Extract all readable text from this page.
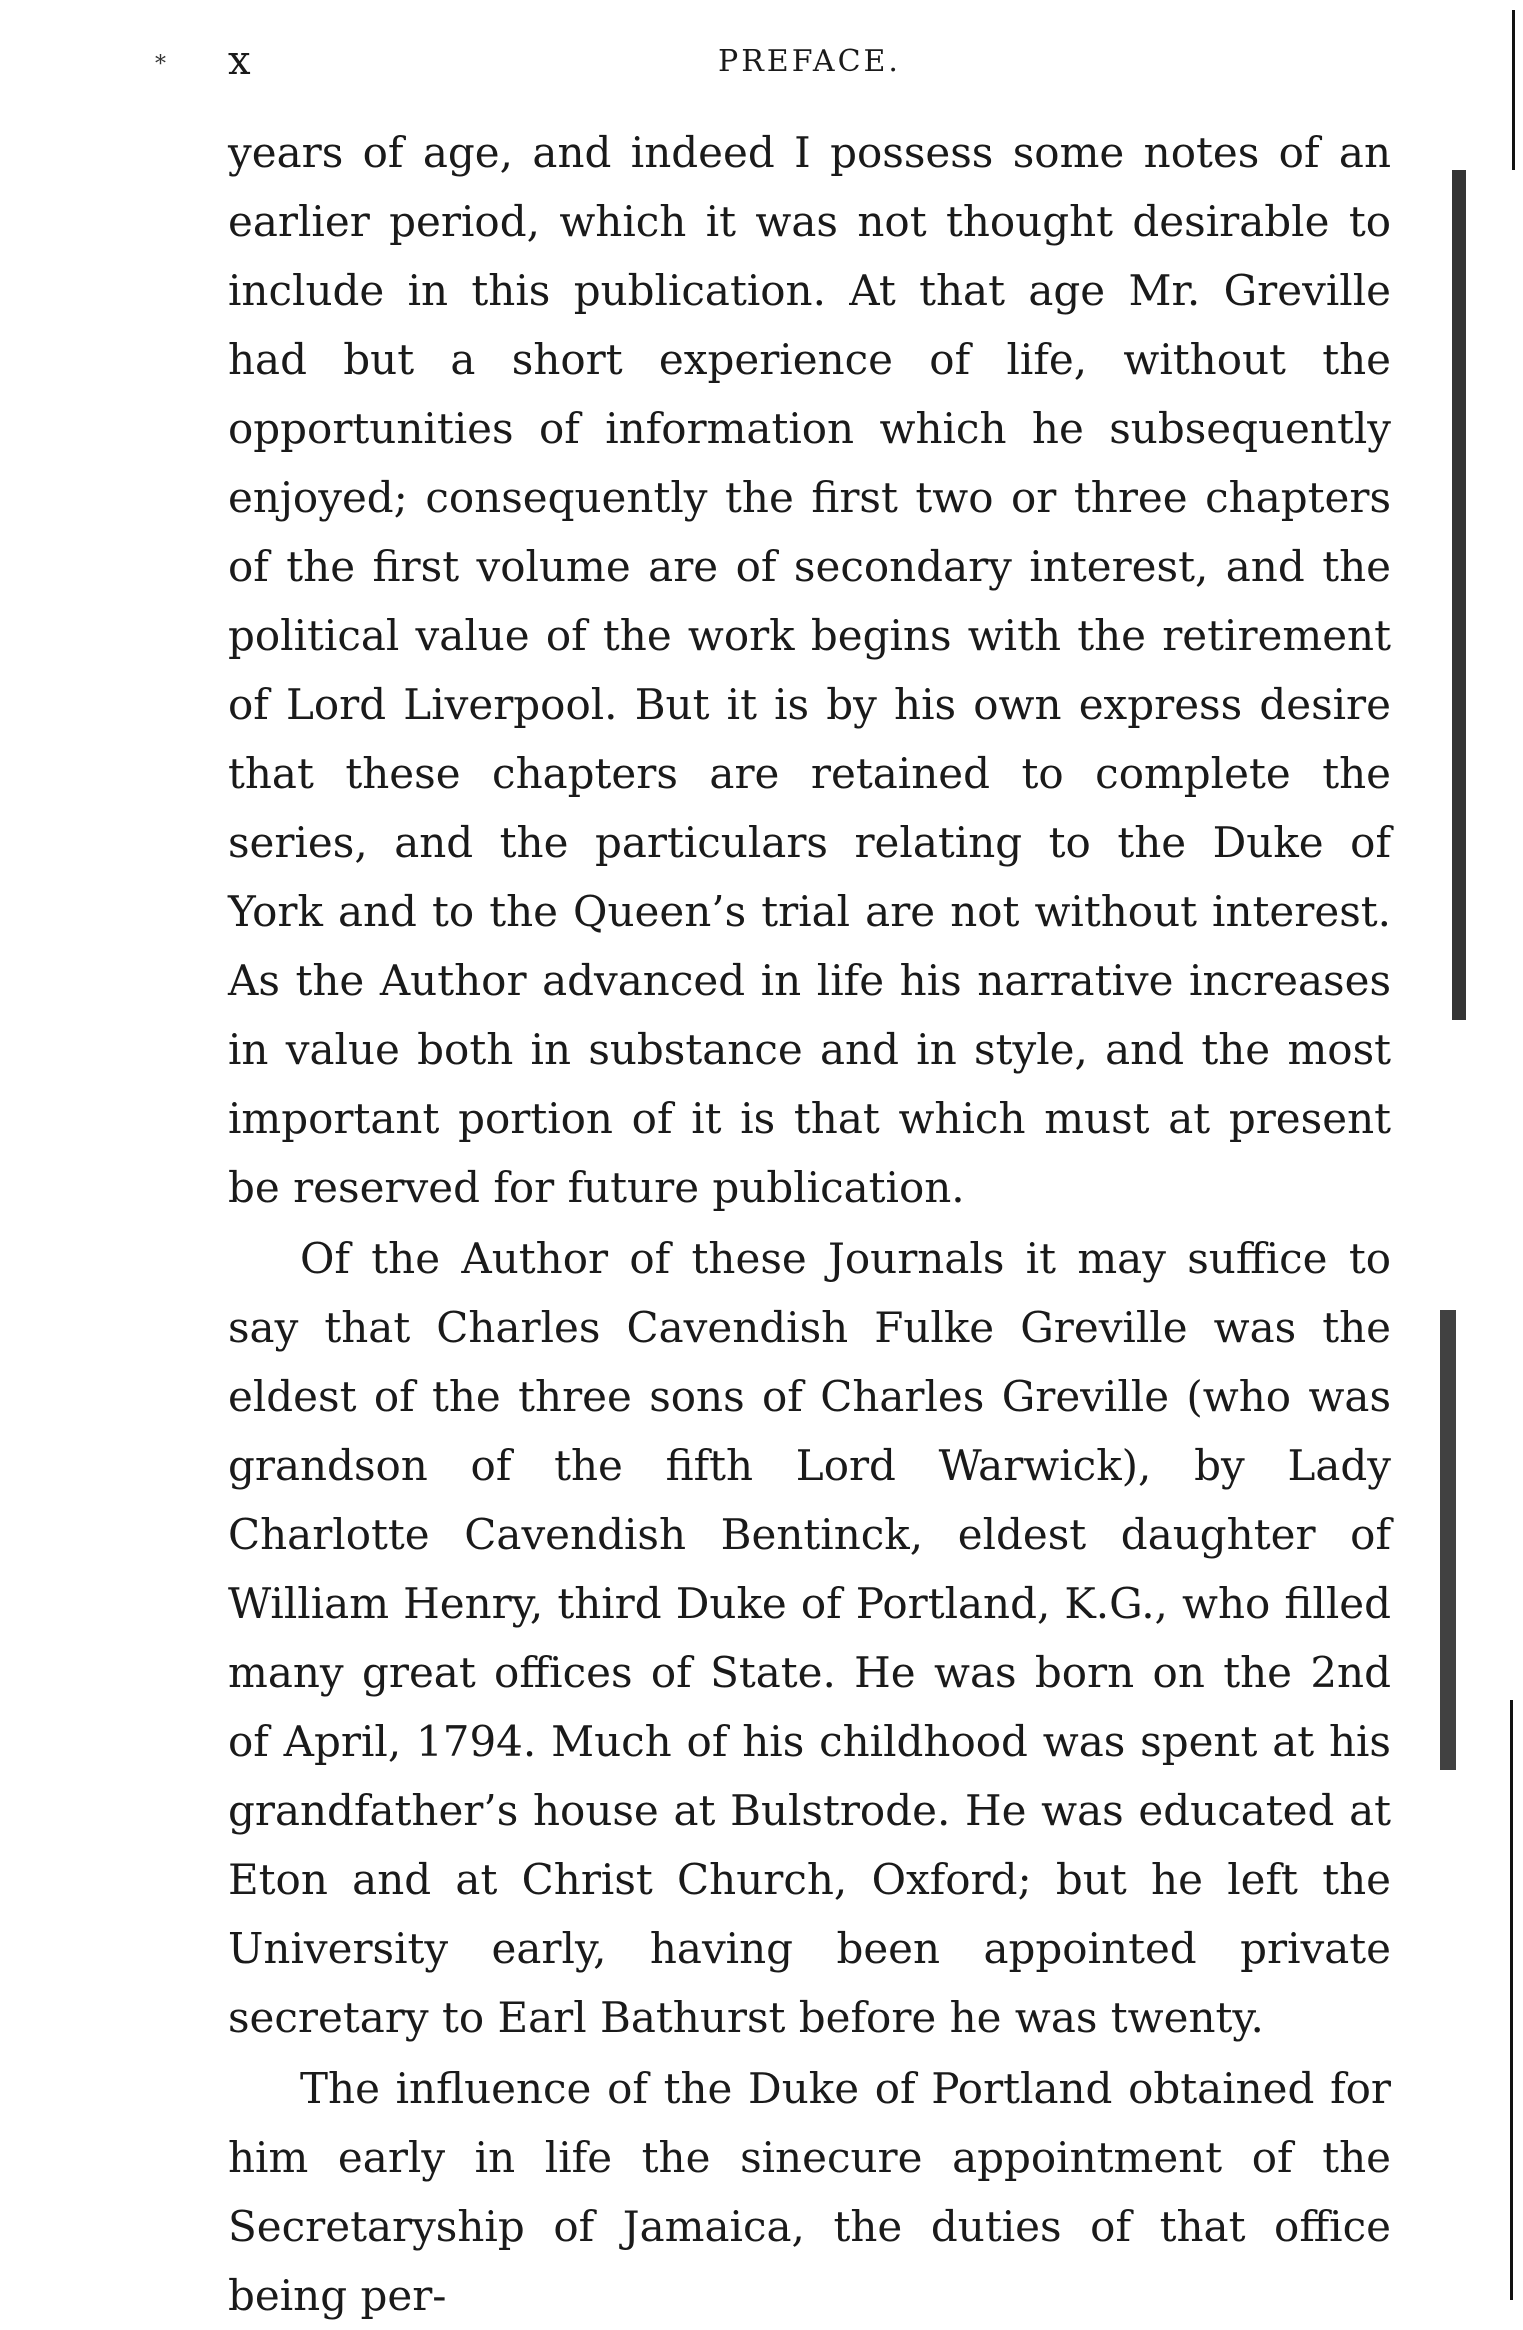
x	PREFACE.
*

years of age, and indeed I possess some notes of an earlier period, which it was not thought desirable to include in this publication. At that age Mr. Greville had but a short experience of life, without the opportunities of information which he subsequently enjoyed; consequently the first two or three chapters of the first volume are of secondary interest, and the political value of the work begins with the retirement of Lord Liverpool. But it is by his own express desire that these chapters are retained to complete the series, and the particulars relating to the Duke of York and to the Queen’s trial are not without interest. As the Author advanced in life his narrative increases in value both in substance and in style, and the most important portion of it is that which must at present be reserved for future publication.

Of the Author of these Journals it may suffice to say that Charles Cavendish Fulke Greville was the eldest of the three sons of Charles Greville (who was grandson of the fifth Lord Warwick), by Lady Charlotte Cavendish Bentinck, eldest daughter of William Henry, third Duke of Portland, K.G., who filled many great offices of State. He was born on the 2nd of April, 1794. Much of his childhood was spent at his grandfather’s house at Bulstrode. He was educated at Eton and at Christ Church, Oxford; but he left the University early, having been appointed private secretary to Earl Bathurst before he was twenty.

The influence of the Duke of Portland obtained for him early in life the sinecure appointment of the Secretaryship of Jamaica, the duties of that office being per-
